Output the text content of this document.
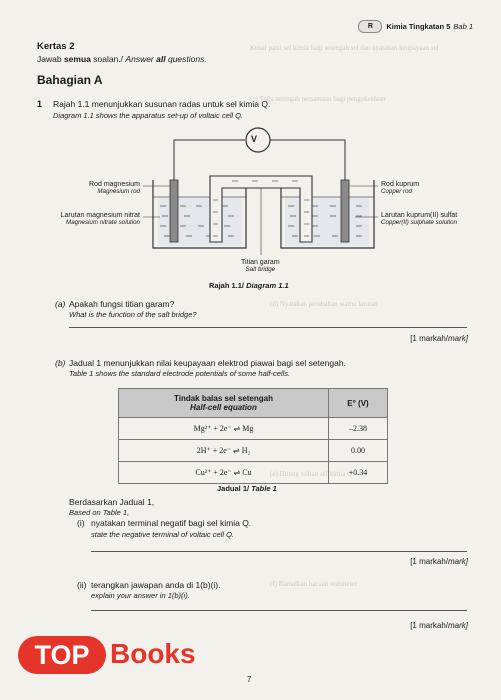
Kenal pasti sel kimia bagi setengah sel dan nyatakan keupayaan sel
(c) Tulis setengah persamaan bagi pengoksidaan
(d) Nyatakan perubahan warna larutan
(e) Hitung voltan sel kimia Q
(f) Ramalkan bacaan voltmeter
R	Kimia Tingkatan 5 Bab 1
Kertas 2
Jawab semua soalan./ Answer all questions.
Bahagian A
1 Rajah 1.1 menunjukkan susunan radas untuk sel kimia Q.
Diagram 1.1 shows the apparatus set-up of voltaic cell Q.
V
Rod magnesium
Magnesium rod
Larutan magnesium nitrat
Magnesium nitrate solution
Rod kuprum
Copper rod
Larutan kuprum(II) sulfat
Copper(II) sulphate solution
Titian garam
Salt bridge
Rajah 1.1/ Diagram 1.1
(a) Apakah fungsi titian garam?
What is the function of the salt bridge?
[1 markah/mark]
(b) Jadual 1 menunjukkan nilai keupayaan elektrod piawai bagi sel setengah.
Table 1 shows the standard electrode potentials of some half-cells.
Tindak balas sel setengah
Half-cell equation	E° (V)
Mg²⁺ + 2e⁻ ⇌ Mg	–2.38
2H⁺ + 2e⁻ ⇌ H₂	0.00
Cu²⁺ + 2e⁻ ⇌ Cu	+0.34
Jadual 1/ Table 1
Berdasarkan Jadual 1,
Based on Table 1,
(i) nyatakan terminal negatif bagi sel kimia Q.
state the negative terminal of voltaic cell Q.
[1 markah/mark]
(ii) terangkan jawapan anda di 1(b)(i).
explain your answer in 1(b)(i).
[1 markah/mark]
7
TOP Books
